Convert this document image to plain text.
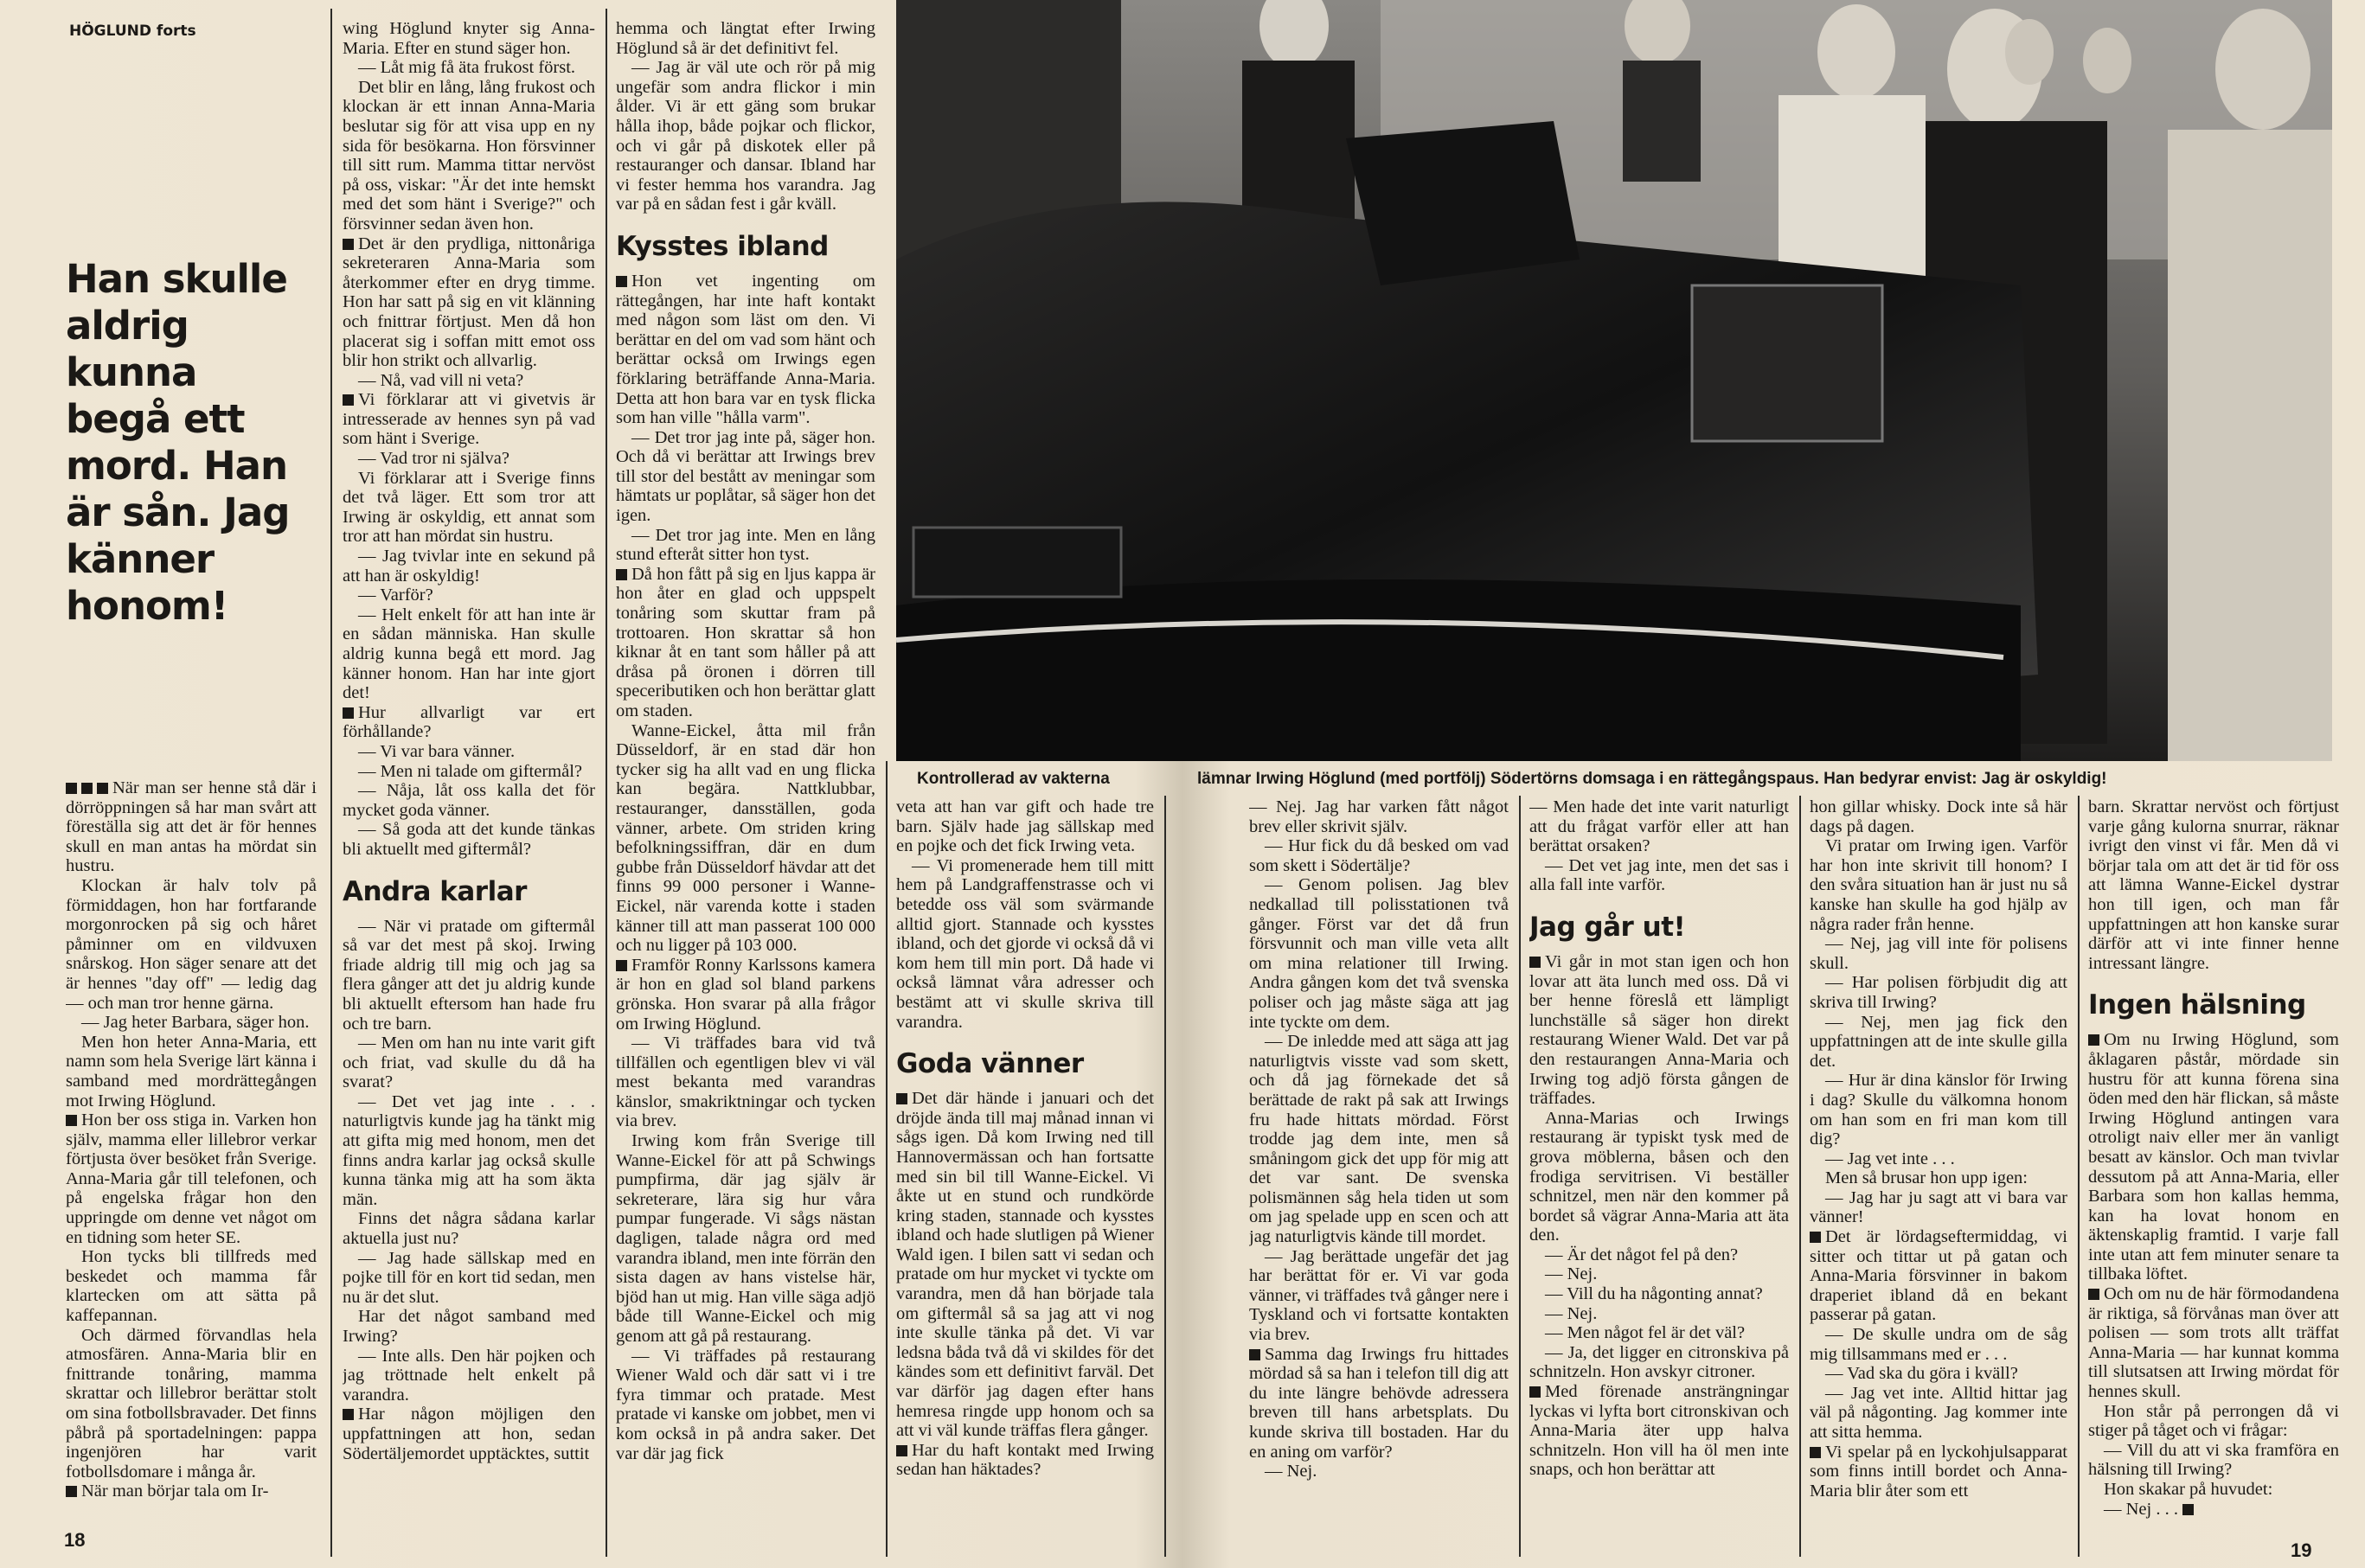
HÖGLUND forts
Han skulle aldrig kunna begå ett mord. Han är sån. Jag känner honom!

När man ser henne stå där i dörröppningen så har man svårt att föreställa sig att det är för hennes skull en man antas ha mördat sin hustru.

Klockan är halv tolv på förmiddagen, hon har fortfarande morgonrocken på sig och håret påminner om en vildvuxen snårskog. Hon säger senare att det är hennes "day off" — ledig dag — och man tror henne gärna.

— Jag heter Barbara, säger hon.

Men hon heter Anna-Maria, ett namn som hela Sverige lärt känna i samband med mordrättegången mot Irwing Höglund.

Hon ber oss stiga in. Varken hon själv, mamma eller lillebror verkar förtjusta över besöket från Sverige. Anna-Maria går till telefonen, och på engelska frågar hon den uppringde om denne vet något om en tidning som heter SE.

Hon tycks bli tillfreds med beskedet och mamma får klartecken om att sätta på kaffepannan.

Och därmed förvandlas hela atmosfären. Anna-Maria blir en fnittrande tonåring, mamma skrattar och lillebror berättar stolt om sina fotbollsbravader. Det finns påbrå på sportadelningen: pappa ingenjören har varit fotbollsdomare i många år.

När man börjar tala om Ir-

wing Höglund knyter sig Anna-Maria. Efter en stund säger hon.

— Låt mig få äta frukost först.

Det blir en lång, lång frukost och klockan är ett innan Anna-Maria beslutar sig för att visa upp en ny sida för besökarna. Hon försvinner till sitt rum. Mamma tittar nervöst på oss, viskar: "Är det inte hemskt med det som hänt i Sverige?" och försvinner sedan även hon.

Det är den prydliga, nittonåriga sekreteraren Anna-Maria som återkommer efter en dryg timme. Hon har satt på sig en vit klänning och fnittrar förtjust. Men då hon placerat sig i soffan mitt emot oss blir hon strikt och allvarlig.

— Nå, vad vill ni veta?

Vi förklarar att vi givetvis är intresserade av hennes syn på vad som hänt i Sverige.

— Vad tror ni själva?

Vi förklarar att i Sverige finns det två läger. Ett som tror att Irwing är oskyldig, ett annat som tror att han mördat sin hustru.

— Jag tvivlar inte en sekund på att han är oskyldig!

— Varför?

— Helt enkelt för att han inte är en sådan människa. Han skulle aldrig kunna begå ett mord. Jag känner honom. Han har inte gjort det!

Hur allvarligt var ert förhållande?

— Vi var bara vänner.

— Men ni talade om giftermål?

— Nåja, låt oss kalla det för mycket goda vänner.

— Så goda att det kunde tänkas bli aktuellt med giftermål?

Andra karlar

— När vi pratade om giftermål så var det mest på skoj. Irwing friade aldrig till mig och jag sa flera gånger att det ju aldrig kunde bli aktuellt eftersom han hade fru och tre barn.

— Men om han nu inte varit gift och friat, vad skulle du då ha svarat?

— Det vet jag inte . . . naturligtvis kunde jag ha tänkt mig att gifta mig med honom, men det finns andra karlar jag också skulle kunna tänka mig att ha som äkta män.

Finns det några sådana karlar aktuella just nu?

— Jag hade sällskap med en pojke till för en kort tid sedan, men nu är det slut.

Har det något samband med Irwing?

— Inte alls. Den här pojken och jag tröttnade helt enkelt på varandra.

Har någon möjligen den uppfattningen att hon, sedan Södertäljemordet upptäcktes, suttit

hemma och längtat efter Irwing Höglund så är det definitivt fel.

— Jag är väl ute och rör på mig ungefär som andra flickor i min ålder. Vi är ett gäng som brukar hålla ihop, både pojkar och flickor, och vi går på diskotek eller på restauranger och dansar. Ibland har vi fester hemma hos varandra. Jag var på en sådan fest i går kväll.

Kysstes ibland

Hon vet ingenting om rättegången, har inte haft kontakt med någon som läst om den. Vi berättar en del om vad som hänt och berättar också om Irwings egen förklaring beträffande Anna-Maria. Detta att hon bara var en tysk flicka som han ville "hålla varm".

— Det tror jag inte på, säger hon. Och då vi berättar att Irwings brev till stor del bestått av meningar som hämtats ur poplåtar, så säger hon det igen.

— Det tror jag inte. Men en lång stund efteråt sitter hon tyst.

Då hon fått på sig en ljus kappa är hon åter en glad och uppspelt tonåring som skuttar fram på trottoaren. Hon skrattar så hon kiknar åt en tant som håller på att dråsa på öronen i dörren till speceributiken och hon berättar glatt om staden.

Wanne-Eickel, åtta mil från Düsseldorf, är en stad där hon tycker sig ha allt vad en ung flicka kan begära. Nattklubbar, restauranger, dansställen, goda vänner, arbete. Om striden kring befolkningssiffran, där en dum gubbe från Düsseldorf hävdar att det finns 99 000 personer i Wanne-Eickel, när varenda kotte i staden känner till att man passerat 100 000 och nu ligger på 103 000.

Framför Ronny Karlssons kamera är hon en glad sol bland parkens grönska. Hon svarar på alla frågor om Irwing Höglund.

— Vi träffades bara vid två tillfällen och egentligen blev vi väl mest bekanta med varandras känslor, smakriktningar och tycken via brev.

Irwing kom från Sverige till Wanne-Eickel för att på Schwings pumpfirma, där jag själv är sekreterare, lära sig hur våra pumpar fungerade. Vi sågs nästan dagligen, talade några ord med varandra ibland, men inte förrän den sista dagen av hans vistelse här, bjöd han ut mig. Han ville säga adjö både till Wanne-Eickel och mig genom att gå på restaurang.

— Vi träffades på restaurang Wiener Wald och där satt vi i tre fyra timmar och pratade. Mest pratade vi kanske om jobbet, men vi kom också in på andra saker. Det var där jag fick

Kontrollerad av vakterna	lämnar Irwing Höglund (med portfölj) Södertörns domsaga i en rättegångspaus. Han bedyrar envist: Jag är oskyldig!

veta att han var gift och hade tre barn. Själv hade jag sällskap med en pojke och det fick Irwing veta.

— Vi promenerade hem till mitt hem på Landgraffenstrasse och vi betedde oss väl som svärmande alltid gjort. Stannade och kysstes ibland, och det gjorde vi också då vi kom hem till min port. Då hade vi också lämnat våra adresser och bestämt att vi skulle skriva till varandra.

Goda vänner

Det där hände i januari och det dröjde ända till maj månad innan vi sågs igen. Då kom Irwing ned till Hannovermässan och han fortsatte med sin bil till Wanne-Eickel. Vi åkte ut en stund och rundkörde kring staden, stannade och kysstes ibland och hade slutligen på Wiener Wald igen. I bilen satt vi sedan och pratade om hur mycket vi tyckte om varandra, men då han började tala om giftermål så sa jag att vi nog inte skulle tänka på det. Vi var ledsna båda två då vi skildes för det kändes som ett definitivt farväl. Det var därför jag dagen efter hans hemresa ringde upp honom och sa att vi väl kunde träffas flera gånger.

Har du haft kontakt med Irwing sedan han häktades?

— Nej. Jag har varken fått något brev eller skrivit själv.

— Hur fick du då besked om vad som skett i Södertälje?

— Genom polisen. Jag blev nedkallad till polisstationen två gånger. Först var det då frun försvunnit och man ville veta allt om mina relationer till Irwing. Andra gången kom det två svenska poliser och jag måste säga att jag inte tyckte om dem.

— De inledde med att säga att jag naturligtvis visste vad som skett, och då jag förnekade det så berättade de rakt på sak att Irwings fru hade hittats mördad. Först trodde jag dem inte, men så småningom gick det upp för mig att det var sant. De svenska polismännen såg hela tiden ut som om jag spelade upp en scen och att jag naturligtvis kände till mordet.

— Jag berättade ungefär det jag har berättat för er. Vi var goda vänner, vi träffades två gånger nere i Tyskland och vi fortsatte kontakten via brev.

Samma dag Irwings fru hittades mördad så sa han i telefon till dig att du inte längre behövde adressera breven till hans arbetsplats. Du kunde skriva till bostaden. Har du en aning om varför?

— Nej.

— Men hade det inte varit naturligt att du frågat varför eller att han berättat orsaken?

— Det vet jag inte, men det sas i alla fall inte varför.

Jag går ut!

Vi går in mot stan igen och hon lovar att äta lunch med oss. Då vi ber henne föreslå ett lämpligt lunchställe så säger hon direkt restaurang Wiener Wald. Det var på den restaurangen Anna-Maria och Irwing tog adjö första gången de träffades.

Anna-Marias och Irwings restaurang är typiskt tysk med de grova möblerna, båsen och den frodiga servitrisen. Vi beställer schnitzel, men när den kommer på bordet så vägrar Anna-Maria att äta den.

— Är det något fel på den?

— Nej.

— Vill du ha någonting annat?

— Nej.

— Men något fel är det väl?

— Ja, det ligger en citronskiva på schnitzeln. Hon avskyr citroner.

Med förenade ansträngningar lyckas vi lyfta bort citronskivan och Anna-Maria äter upp halva schnitzeln. Hon vill ha öl men inte snaps, och hon berättar att

hon gillar whisky. Dock inte så här dags på dagen.

Vi pratar om Irwing igen. Varför har hon inte skrivit till honom? I den svåra situation han är just nu så kanske han skulle ha god hjälp av några rader från henne.

— Nej, jag vill inte för polisens skull.

— Har polisen förbjudit dig att skriva till Irwing?

— Nej, men jag fick den uppfattningen att de inte skulle gilla det.

— Hur är dina känslor för Irwing i dag? Skulle du välkomna honom om han som en fri man kom till dig?

— Jag vet inte . . .

Men så brusar hon upp igen:

— Jag har ju sagt att vi bara var vänner!

Det är lördagseftermiddag, vi sitter och tittar ut på gatan och Anna-Maria försvinner in bakom draperiet ibland då en bekant passerar på gatan.

— De skulle undra om de såg mig tillsammans med er . . .

— Vad ska du göra i kväll?

— Jag vet inte. Alltid hittar jag väl på någonting. Jag kommer inte att sitta hemma.

Vi spelar på en lyckohjulsapparat som finns intill bordet och Anna-Maria blir åter som ett

barn. Skrattar nervöst och förtjust varje gång kulorna snurrar, räknar ivrigt den vinst vi får. Men då vi börjar tala om att det är tid för oss att lämna Wanne-Eickel dystrar hon till igen, och man får uppfattningen att hon kanske surar därför att vi inte finner henne intressant längre.

Ingen hälsning

Om nu Irwing Höglund, som åklagaren påstår, mördade sin hustru för att kunna förena sina öden med den här flickan, så måste Irwing Höglund antingen vara otroligt naiv eller mer än vanligt besatt av känslor. Och man tvivlar dessutom på att Anna-Maria, eller Barbara som hon kallas hemma, kan ha lovat honom en äktenskaplig framtid. I varje fall inte utan att fem minuter senare ta tillbaka löftet.

Och om nu de här förmodandena är riktiga, så förvånas man över att polisen — som trots allt träffat Anna-Maria — har kunnat komma till slutsatsen att Irwing mördat för hennes skull.

Hon står på perrongen då vi stiger på tåget och vi frågar:

— Vill du att vi ska framföra en hälsning till Irwing?

Hon skakar på huvudet:

— Nej . . .

18	19
